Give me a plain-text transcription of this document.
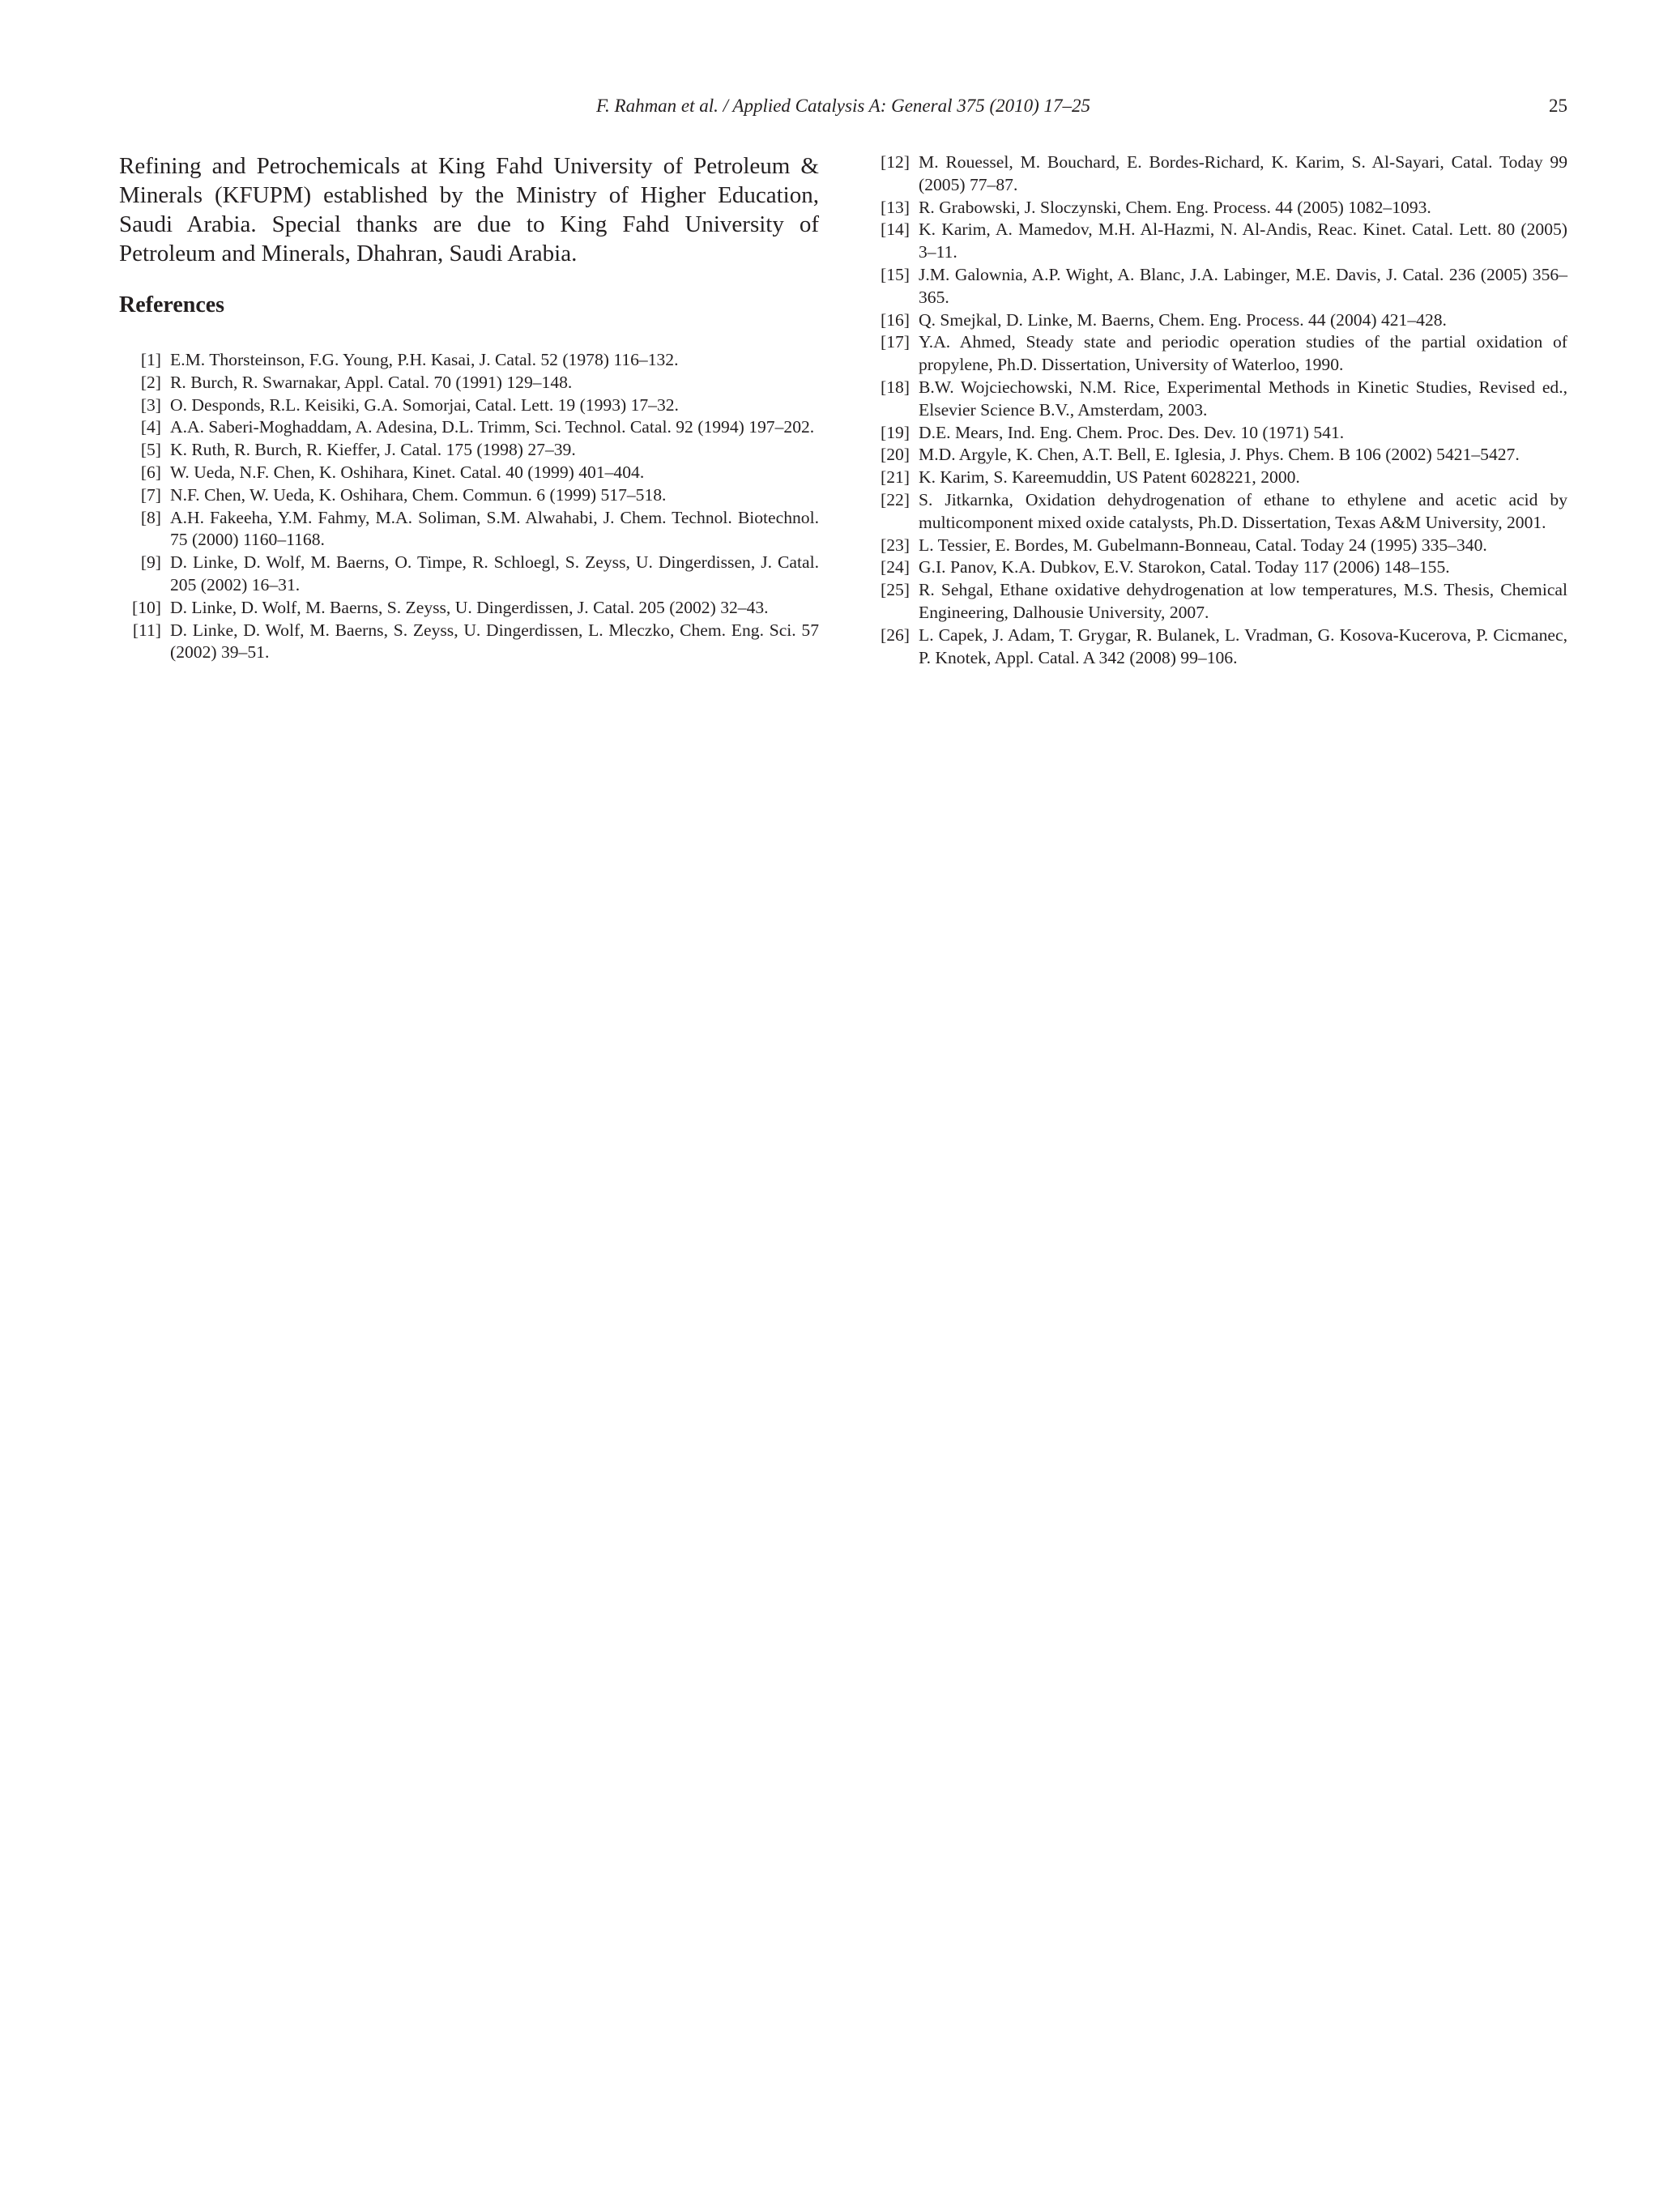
F. Rahman et al. / Applied Catalysis A: General 375 (2010) 17–25	25

Refining and Petrochemicals at King Fahd University of Petroleum & Minerals (KFUPM) established by the Ministry of Higher Education, Saudi Arabia. Special thanks are due to King Fahd University of Petroleum and Minerals, Dhahran, Saudi Arabia.

References
[1] E.M. Thorsteinson, F.G. Young, P.H. Kasai, J. Catal. 52 (1978) 116–132.
[2] R. Burch, R. Swarnakar, Appl. Catal. 70 (1991) 129–148.
[3] O. Desponds, R.L. Keisiki, G.A. Somorjai, Catal. Lett. 19 (1993) 17–32.
[4] A.A. Saberi-Moghaddam, A. Adesina, D.L. Trimm, Sci. Technol. Catal. 92 (1994) 197–202.
[5] K. Ruth, R. Burch, R. Kieffer, J. Catal. 175 (1998) 27–39.
[6] W. Ueda, N.F. Chen, K. Oshihara, Kinet. Catal. 40 (1999) 401–404.
[7] N.F. Chen, W. Ueda, K. Oshihara, Chem. Commun. 6 (1999) 517–518.
[8] A.H. Fakeeha, Y.M. Fahmy, M.A. Soliman, S.M. Alwahabi, J. Chem. Technol. Biotechnol. 75 (2000) 1160–1168.
[9] D. Linke, D. Wolf, M. Baerns, O. Timpe, R. Schloegl, S. Zeyss, U. Dingerdissen, J. Catal. 205 (2002) 16–31.
[10] D. Linke, D. Wolf, M. Baerns, S. Zeyss, U. Dingerdissen, J. Catal. 205 (2002) 32–43.
[11] D. Linke, D. Wolf, M. Baerns, S. Zeyss, U. Dingerdissen, L. Mleczko, Chem. Eng. Sci. 57 (2002) 39–51.
[12] M. Rouessel, M. Bouchard, E. Bordes-Richard, K. Karim, S. Al-Sayari, Catal. Today 99 (2005) 77–87.
[13] R. Grabowski, J. Sloczynski, Chem. Eng. Process. 44 (2005) 1082–1093.
[14] K. Karim, A. Mamedov, M.H. Al-Hazmi, N. Al-Andis, Reac. Kinet. Catal. Lett. 80 (2005) 3–11.
[15] J.M. Galownia, A.P. Wight, A. Blanc, J.A. Labinger, M.E. Davis, J. Catal. 236 (2005) 356–365.
[16] Q. Smejkal, D. Linke, M. Baerns, Chem. Eng. Process. 44 (2004) 421–428.
[17] Y.A. Ahmed, Steady state and periodic operation studies of the partial oxidation of propylene, Ph.D. Dissertation, University of Waterloo, 1990.
[18] B.W. Wojciechowski, N.M. Rice, Experimental Methods in Kinetic Studies, Revised ed., Elsevier Science B.V., Amsterdam, 2003.
[19] D.E. Mears, Ind. Eng. Chem. Proc. Des. Dev. 10 (1971) 541.
[20] M.D. Argyle, K. Chen, A.T. Bell, E. Iglesia, J. Phys. Chem. B 106 (2002) 5421–5427.
[21] K. Karim, S. Kareemuddin, US Patent 6028221, 2000.
[22] S. Jitkarnka, Oxidation dehydrogenation of ethane to ethylene and acetic acid by multicomponent mixed oxide catalysts, Ph.D. Dissertation, Texas A&M University, 2001.
[23] L. Tessier, E. Bordes, M. Gubelmann-Bonneau, Catal. Today 24 (1995) 335–340.
[24] G.I. Panov, K.A. Dubkov, E.V. Starokon, Catal. Today 117 (2006) 148–155.
[25] R. Sehgal, Ethane oxidative dehydrogenation at low temperatures, M.S. Thesis, Chemical Engineering, Dalhousie University, 2007.
[26] L. Capek, J. Adam, T. Grygar, R. Bulanek, L. Vradman, G. Kosova-Kucerova, P. Cicmanec, P. Knotek, Appl. Catal. A 342 (2008) 99–106.
